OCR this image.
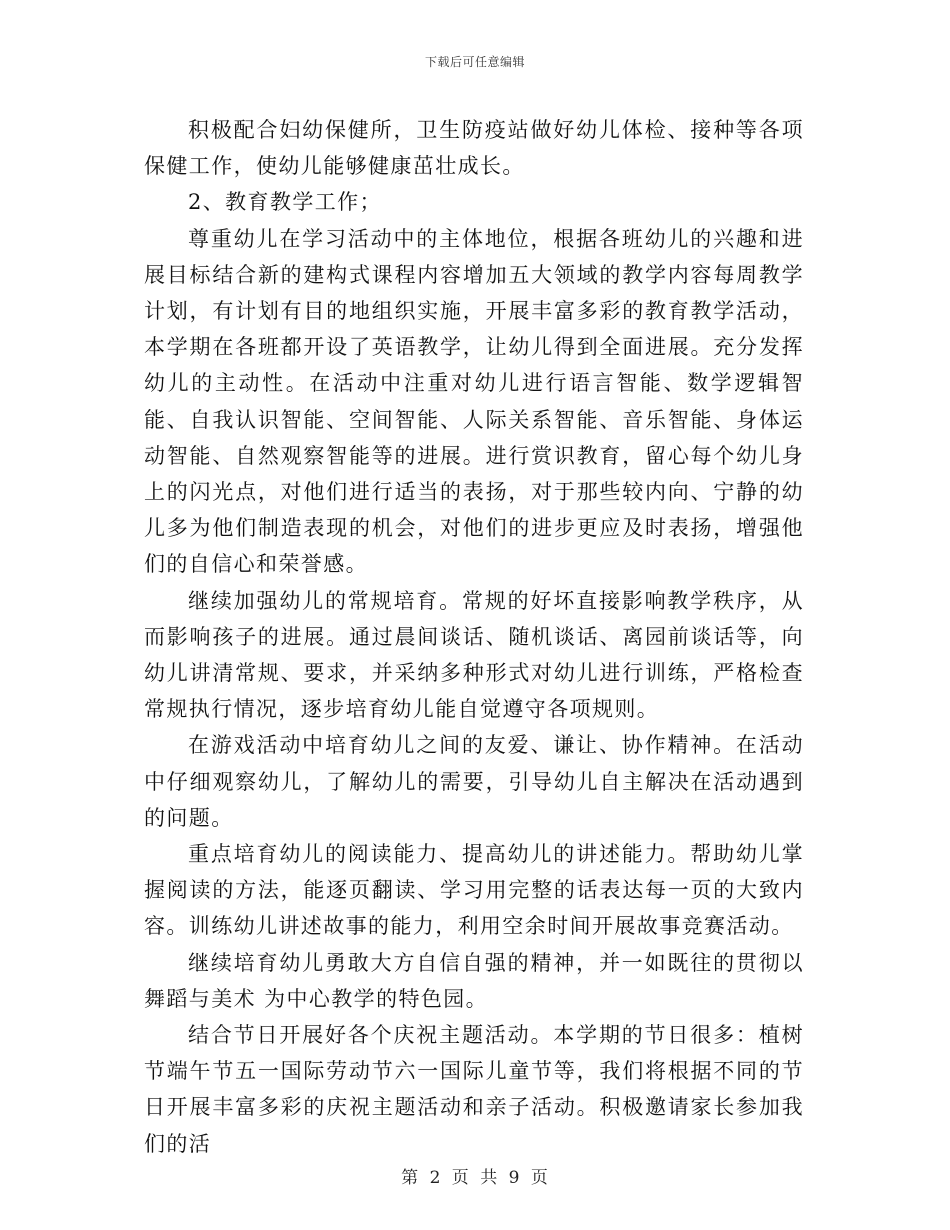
下载后可任意编辑

积极配合妇幼保健所，卫生防疫站做好幼儿体检、接种等各项保健工作，使幼儿能够健康茁壮成长。

2、教育教学工作；

尊重幼儿在学习活动中的主体地位，根据各班幼儿的兴趣和进展目标结合新的建构式课程内容增加五大领域的教学内容每周教学计划，有计划有目的地组织实施，开展丰富多彩的教育教学活动，本学期在各班都开设了英语教学，让幼儿得到全面进展。充分发挥幼儿的主动性。在活动中注重对幼儿进行语言智能、数学逻辑智能、自我认识智能、空间智能、人际关系智能、音乐智能、身体运动智能、自然观察智能等的进展。进行赏识教育，留心每个幼儿身上的闪光点，对他们进行适当的表扬，对于那些较内向、宁静的幼儿多为他们制造表现的机会，对他们的进步更应及时表扬，增强他们的自信心和荣誉感。

继续加强幼儿的常规培育。常规的好坏直接影响教学秩序，从而影响孩子的进展。通过晨间谈话、随机谈话、离园前谈话等，向幼儿讲清常规、要求，并采纳多种形式对幼儿进行训练，严格检查常规执行情况，逐步培育幼儿能自觉遵守各项规则。

在游戏活动中培育幼儿之间的友爱、谦让、协作精神。在活动中仔细观察幼儿，了解幼儿的需要，引导幼儿自主解决在活动遇到的问题。

重点培育幼儿的阅读能力、提高幼儿的讲述能力。帮助幼儿掌握阅读的方法，能逐页翻读、学习用完整的话表达每一页的大致内容。训练幼儿讲述故事的能力，利用空余时间开展故事竞赛活动。

继续培育幼儿勇敢大方自信自强的精神，并一如既往的贯彻以 舞蹈与美术 为中心教学的特色园。

结合节日开展好各个庆祝主题活动。本学期的节日很多：植树节端午节五一国际劳动节六一国际儿童节等，我们将根据不同的节日开展丰富多彩的庆祝主题活动和亲子活动。积极邀请家长参加我们的活

第 2 页 共 9 页
